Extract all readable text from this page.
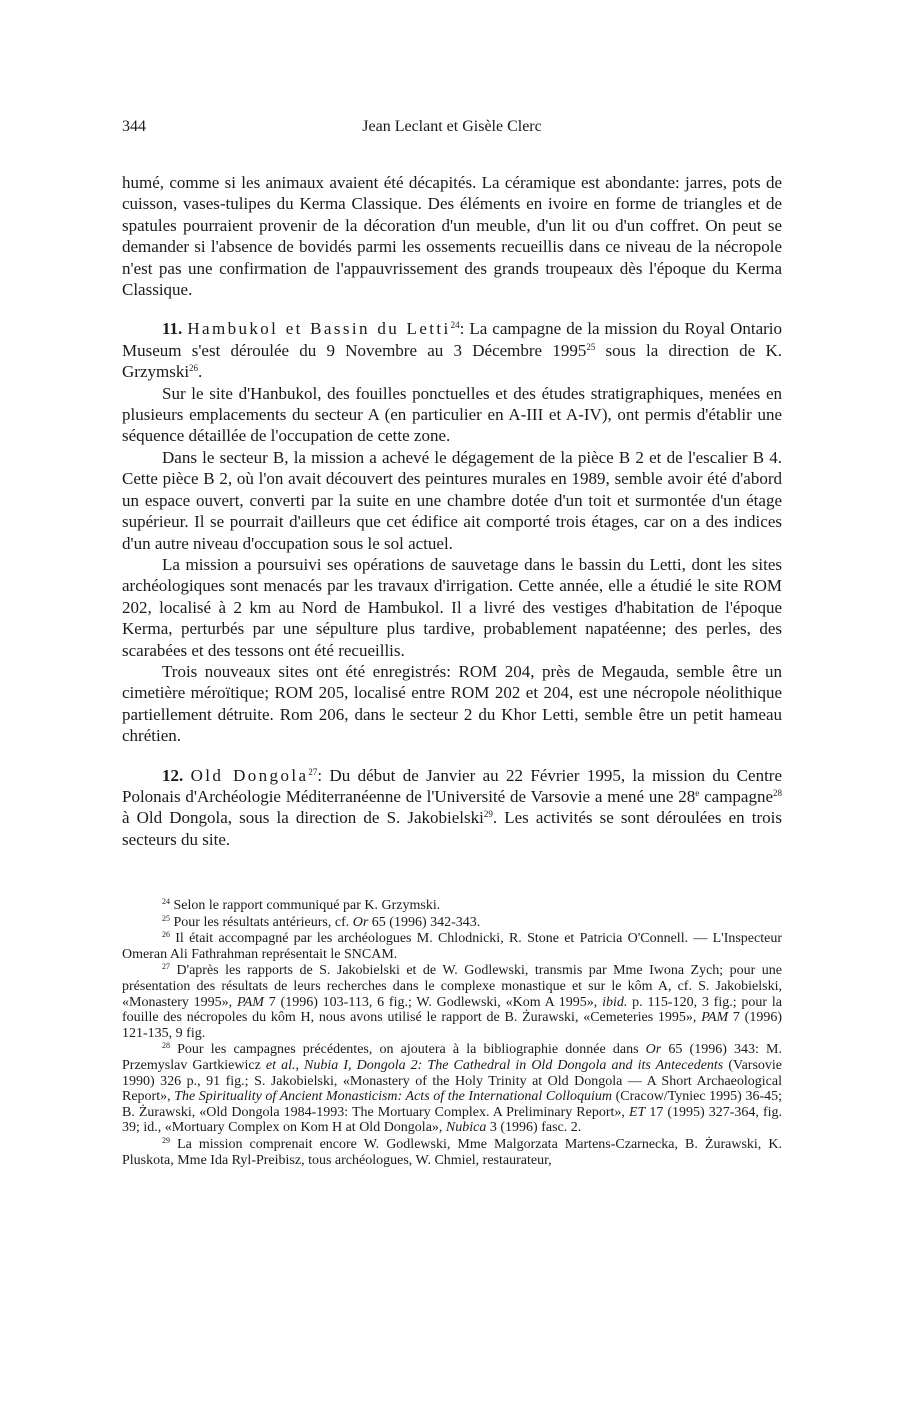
344	Jean Leclant et Gisèle Clerc

humé, comme si les animaux avaient été décapités. La céramique est abondante: jarres, pots de cuisson, vases-tulipes du Kerma Classique. Des éléments en ivoire en forme de triangles et de spatules pourraient provenir de la décoration d'un meuble, d'un lit ou d'un coffret. On peut se demander si l'absence de bovidés parmi les ossements recueillis dans ce niveau de la nécropole n'est pas une confirmation de l'appauvrissement des grands troupeaux dès l'époque du Kerma Classique.

11. Hambukol et Bassin du Letti$^{24}$: La campagne de la mission du Royal Ontario Museum s'est déroulée du 9 Novembre au 3 Décembre 1995$^{25}$ sous la direction de K. Grzymski$^{26}$.

Sur le site d'Hanbukol, des fouilles ponctuelles et des études stratigraphiques, menées en plusieurs emplacements du secteur A (en particulier en A-III et A-IV), ont permis d'établir une séquence détaillée de l'occupation de cette zone.

Dans le secteur B, la mission a achevé le dégagement de la pièce B 2 et de l'escalier B 4. Cette pièce B 2, où l'on avait découvert des peintures murales en 1989, semble avoir été d'abord un espace ouvert, converti par la suite en une chambre dotée d'un toit et surmontée d'un étage supérieur. Il se pourrait d'ailleurs que cet édifice ait comporté trois étages, car on a des indices d'un autre niveau d'occupation sous le sol actuel.

La mission a poursuivi ses opérations de sauvetage dans le bassin du Letti, dont les sites archéologiques sont menacés par les travaux d'irrigation. Cette année, elle a étudié le site ROM 202, localisé à 2 km au Nord de Hambukol. Il a livré des vestiges d'habitation de l'époque Kerma, perturbés par une sépulture plus tardive, probablement napatéenne; des perles, des scarabées et des tessons ont été recueillis.

Trois nouveaux sites ont été enregistrés: ROM 204, près de Megauda, semble être un cimetière méroïtique; ROM 205, localisé entre ROM 202 et 204, est une nécropole néolithique partiellement détruite. Rom 206, dans le secteur 2 du Khor Letti, semble être un petit hameau chrétien.

12. Old Dongola$^{27}$: Du début de Janvier au 22 Février 1995, la mission du Centre Polonais d'Archéologie Méditerranéenne de l'Université de Varsovie a mené une 28e campagne$^{28}$ à Old Dongola, sous la direction de S. Jakobielski$^{29}$. Les activités se sont déroulées en trois secteurs du site.

$^{24}$ Selon le rapport communiqué par K. Grzymski.

$^{25}$ Pour les résultats antérieurs, cf. Or 65 (1996) 342-343.

$^{26}$ Il était accompagné par les archéologues M. Chlodnicki, R. Stone et Patricia O'Connell. — L'Inspecteur Omeran Ali Fathrahman représentait le SNCAM.

$^{27}$ D'après les rapports de S. Jakobielski et de W. Godlewski, transmis par Mme Iwona Zych; pour une présentation des résultats de leurs recherches dans le complexe monastique et sur le kôm A, cf. S. Jakobielski, «Monastery 1995», PAM 7 (1996) 103-113, 6 fig.; W. Godlewski, «Kom A 1995», ibid. p. 115-120, 3 fig.; pour la fouille des nécropoles du kôm H, nous avons utilisé le rapport de B. Żurawski, «Cemeteries 1995», PAM 7 (1996) 121-135, 9 fig.

$^{28}$ Pour les campagnes précédentes, on ajoutera à la bibliographie donnée dans Or 65 (1996) 343: M. Przemyslav Gartkiewicz et al., Nubia I, Dongola 2: The Cathedral in Old Dongola and its Antecedents (Varsovie 1990) 326 p., 91 fig.; S. Jakobielski, «Monastery of the Holy Trinity at Old Dongola — A Short Archaeological Report», The Spirituality of Ancient Monasticism: Acts of the International Colloquium (Cracow/Tyniec 1995) 36-45; B. Żurawski, «Old Dongola 1984-1993: The Mortuary Complex. A Preliminary Report», ET 17 (1995) 327-364, fig. 39; id., «Mortuary Complex on Kom H at Old Dongola», Nubica 3 (1996) fasc. 2.

$^{29}$ La mission comprenait encore W. Godlewski, Mme Malgorzata Martens-Czarnecka, B. Żurawski, K. Pluskota, Mme Ida Ryl-Preibisz, tous archéologues, W. Chmiel, restaurateur,
